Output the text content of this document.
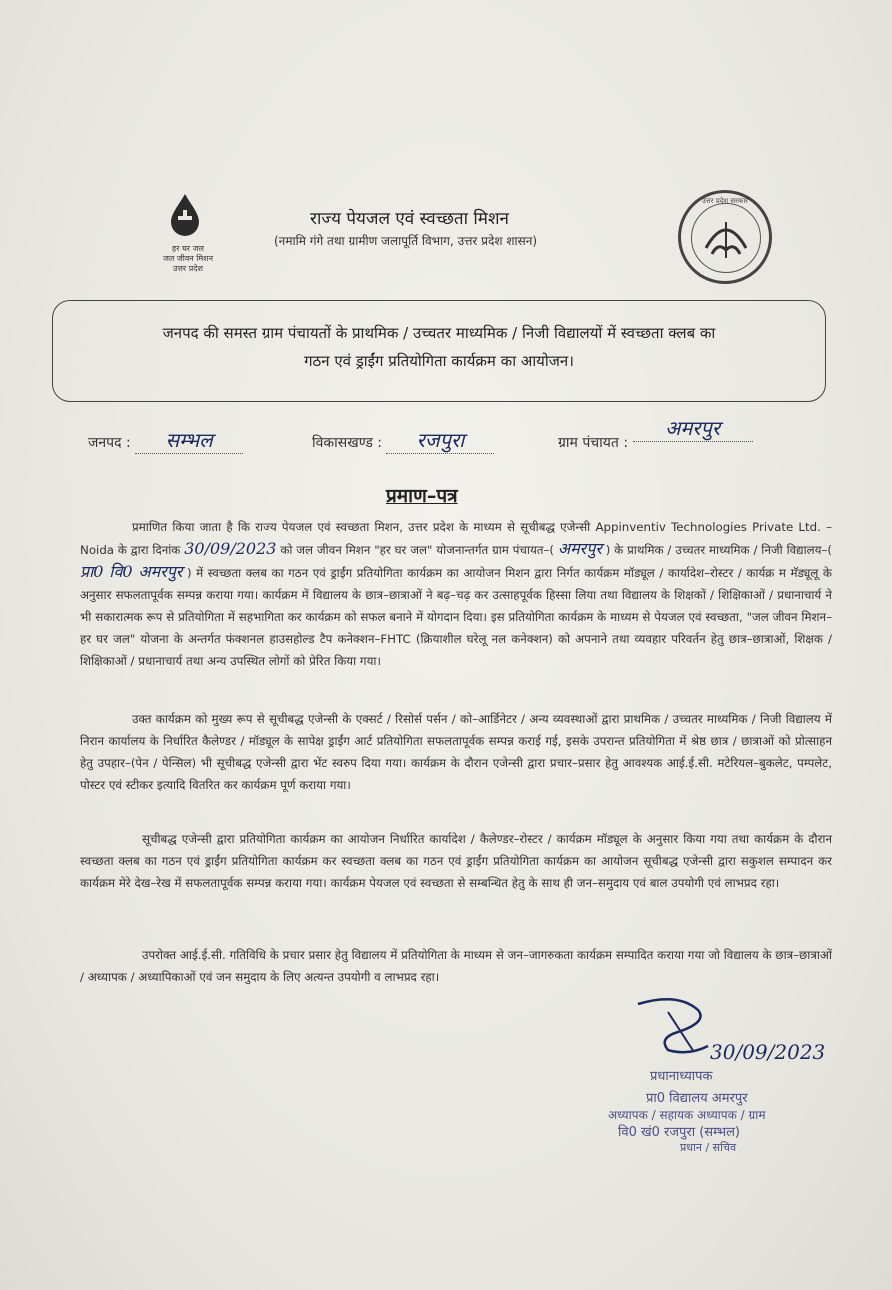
हर घर जल
जल जीवन मिशन
उत्तर प्रदेश
राज्य पेयजल एवं स्वच्छता मिशन
(नमामि गंगे तथा ग्रामीण जलापूर्ति विभाग, उत्तर प्रदेश शासन)
उत्तर प्रदेश सरकार
जनपद की समस्त ग्राम पंचायतों के प्राथमिक / उच्चतर माध्यमिक / निजी विद्यालयों में स्वच्छता क्लब का
गठन एवं ड्राईंग प्रतियोगिता कार्यक्रम का आयोजन।
जनपद : सम्भल	विकासखण्ड : रजपुरा	ग्राम पंचायत : अमरपुर
प्रमाण–पत्र
प्रमाणित किया जाता है कि राज्य पेयजल एवं स्वच्छता मिशन, उत्तर प्रदेश के माध्यम से सूचीबद्ध एजेन्सी Appinventiv Technologies Private Ltd. – Noida के द्वारा दिनांक 30/09/2023 को जल जीवन मिशन "हर घर जल" योजनान्तर्गत ग्राम पंचायत–( अमरपुर ) के प्राथमिक / उच्चतर माध्यमिक / निजी विद्यालय–( प्रा0 वि0 अमरपुर ) में स्वच्छता क्लब का गठन एवं ड्राईंग प्रतियोगिता कार्यक्रम का आयोजन मिशन द्वारा निर्गत कार्यक्रम मॉड्यूल / कार्यादेश–रोस्टर / कार्यक्र म मॅड्यूलू के अनुसार सफलतापूर्वक सम्पन्न कराया गया। कार्यक्रम में विद्यालय के छात्र–छात्राओं ने बढ़–चढ़ कर उत्साहपूर्वक हिस्सा लिया तथा विद्यालय के शिक्षकों / शिक्षिकाओं / प्रधानाचार्य ने भी सकारात्मक रूप से प्रतियोगिता में सहभागिता कर कार्यक्रम को सफल बनाने में योगदान दिया। इस प्रतियोगिता कार्यक्रम के माध्यम से पेयजल एवं स्वच्छता, "जल जीवन मिशन–हर घर जल" योजना के अन्तर्गत फंक्शनल हाउसहोल्ड टैप कनेक्शन–FHTC (क्रियाशील घरेलू नल कनेक्शन) को अपनाने तथा व्यवहार परिवर्तन हेतु छात्र–छात्राओं, शिक्षक / शिक्षिकाओं / प्रधानाचार्य तथा अन्य उपस्थित लोगों को प्रेरित किया गया।
उक्त कार्यक्रम को मुख्य रूप से सूचीबद्ध एजेन्सी के एक्सर्ट / रिसोर्स पर्सन / को–आर्डिनेटर / अन्य व्यवस्थाओं द्वारा प्राथमिक / उच्चतर माध्यमिक / निजी विद्यालय में निरान कार्यालय के निर्धारित कैलेण्डर / मॉड्यूल के सापेक्ष ड्राईंग आर्ट प्रतियोगिता सफलतापूर्वक सम्पन्न कराई गई, इसके उपरान्त प्रतियोगिता में श्रेष्ठ छात्र / छात्राओं को प्रोत्साहन हेतु उपहार–(पेन / पेन्सिल) भी सूचीबद्ध एजेन्सी द्वारा भेंट स्वरुप दिया गया। कार्यक्रम के दौरान एजेन्सी द्वारा प्रचार–प्रसार हेतु आवश्यक आई.ई.सी. मटेरियल–बुकलेट, पम्पलेट, पोस्टर एवं स्टीकर इत्यादि वितरित कर कार्यक्रम पूर्ण कराया गया।
सूचीबद्ध एजेन्सी द्वारा प्रतियोगिता कार्यक्रम का आयोजन निर्धारित कार्यादेश / कैलेण्डर–रोस्टर / कार्यक्रम मॉड्यूल के अनुसार किया गया तथा कार्यक्रम के दौरान स्वच्छता क्लब का गठन एवं ड्राईंग प्रतियोगिता कार्यक्रम कर स्वच्छता क्लब का गठन एवं ड्राईंग प्रतियोगिता कार्यक्रम का आयोजन सूचीबद्ध एजेन्सी द्वारा सकुशल सम्पादन कर कार्यक्रम मेरे देख–रेख में सफलतापूर्वक सम्पन्न कराया गया। कार्यक्रम पेयजल एवं स्वच्छता से सम्बन्धित हेतु के साथ ही जन–समुदाय एवं बाल उपयोगी एवं लाभप्रद रहा।
उपरोक्त आई.ई.सी. गतिविधि के प्रचार प्रसार हेतु विद्यालय में प्रतियोगिता के माध्यम से जन–जागरुकता कार्यक्रम सम्पादित कराया गया जो विद्यालय के छात्र–छात्राओं / अध्यापक / अध्यापिकाओं एवं जन समुदाय के लिए अत्यन्त उपयोगी व लाभप्रद रहा।
30/09/2023
प्रधानाध्यापक
प्रा0 विद्यालय अमरपुर
अध्यापक / सहायक अध्यापक / ग्राम
वि0 खं0 रजपुरा (सम्भल)
प्रधान / सचिव
